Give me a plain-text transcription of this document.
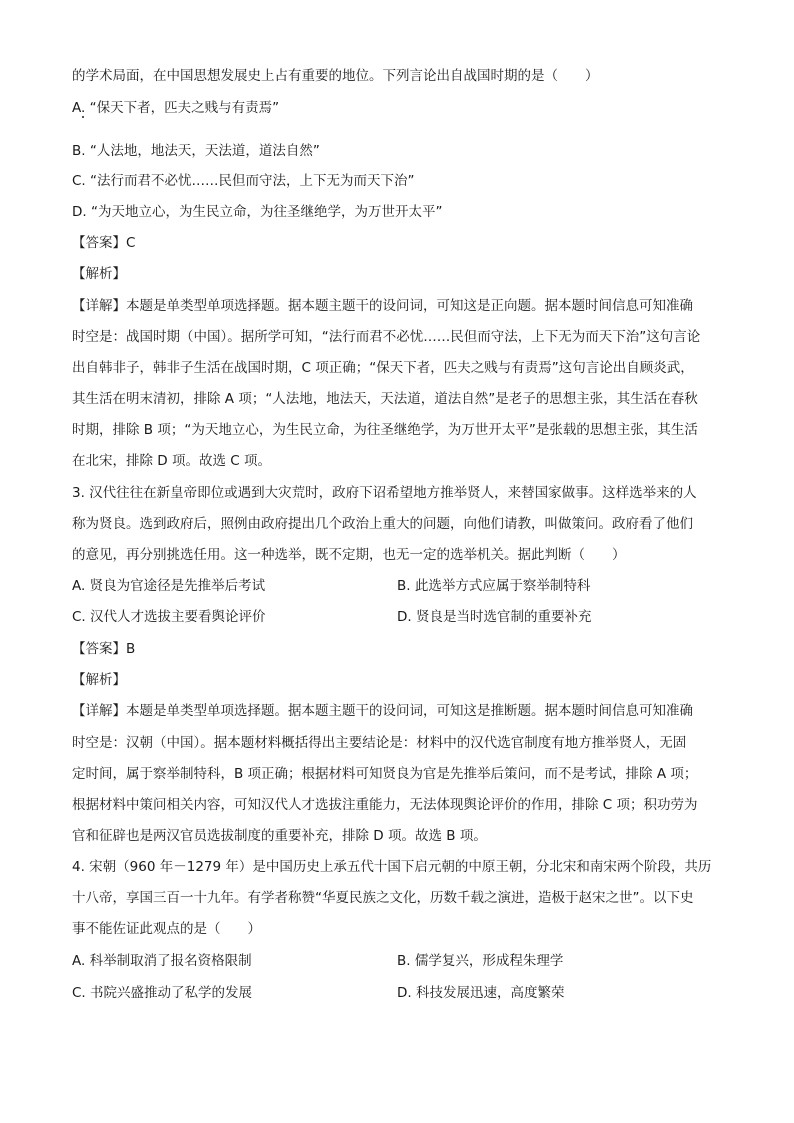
的学术局面，在中国思想发展史上占有重要的地位。下列言论出自战国时期的是（　　）
A. “保天下者，匹夫之贱与有责焉”
B. “人法地，地法天，天法道，道法自然”
C. “法行而君不必忧……民但而守法，上下无为而天下治”
D. “为天地立心，为生民立命，为往圣继绝学，为万世开太平”
【答案】C
【解析】
【详解】本题是单类型单项选择题。据本题主题干的设问词，可知这是正向题。据本题时间信息可知准确
时空是：战国时期（中国）。据所学可知，“法行而君不必忧……民但而守法，上下无为而天下治”这句言论
出自韩非子，韩非子生活在战国时期，C 项正确；“保天下者，匹夫之贱与有责焉”这句言论出自顾炎武，
其生活在明末清初，排除 A 项；“人法地，地法天，天法道，道法自然”是老子的思想主张，其生活在春秋
时期，排除 B 项；“为天地立心，为生民立命，为往圣继绝学，为万世开太平”是张载的思想主张，其生活
在北宋，排除 D 项。故选 C 项。
3. 汉代往往在新皇帝即位或遇到大灾荒时，政府下诏希望地方推举贤人，来替国家做事。这样选举来的人
称为贤良。选到政府后，照例由政府提出几个政治上重大的问题，向他们请教，叫做策问。政府看了他们
的意见，再分别挑选任用。这一种选举，既不定期，也无一定的选举机关。据此判断（　　）
A. 贤良为官途径是先推举后考试	B. 此选举方式应属于察举制特科
C. 汉代人才选拔主要看舆论评价	D. 贤良是当时选官制的重要补充
【答案】B
【解析】
【详解】本题是单类型单项选择题。据本题主题干的设问词，可知这是推断题。据本题时间信息可知准确
时空是：汉朝（中国）。据本题材料概括得出主要结论是：材料中的汉代选官制度有地方推举贤人，无固
定时间，属于察举制特科，B 项正确；根据材料可知贤良为官是先推举后策问，而不是考试，排除 A 项；
根据材料中策问相关内容，可知汉代人才选拔注重能力，无法体现舆论评价的作用，排除 C 项；积功劳为
官和征辟也是两汉官员选拔制度的重要补充，排除 D 项。故选 B 项。
4. 宋朝（960 年－1279 年）是中国历史上承五代十国下启元朝的中原王朝，分北宋和南宋两个阶段，共历
十八帝，享国三百一十九年。有学者称赞“华夏民族之文化，历数千载之演进，造极于赵宋之世”。以下史
事不能佐证此观点的是（　　）
A. 科举制取消了报名资格限制	B. 儒学复兴，形成程朱理学
C. 书院兴盛推动了私学的发展	D. 科技发展迅速，高度繁荣
